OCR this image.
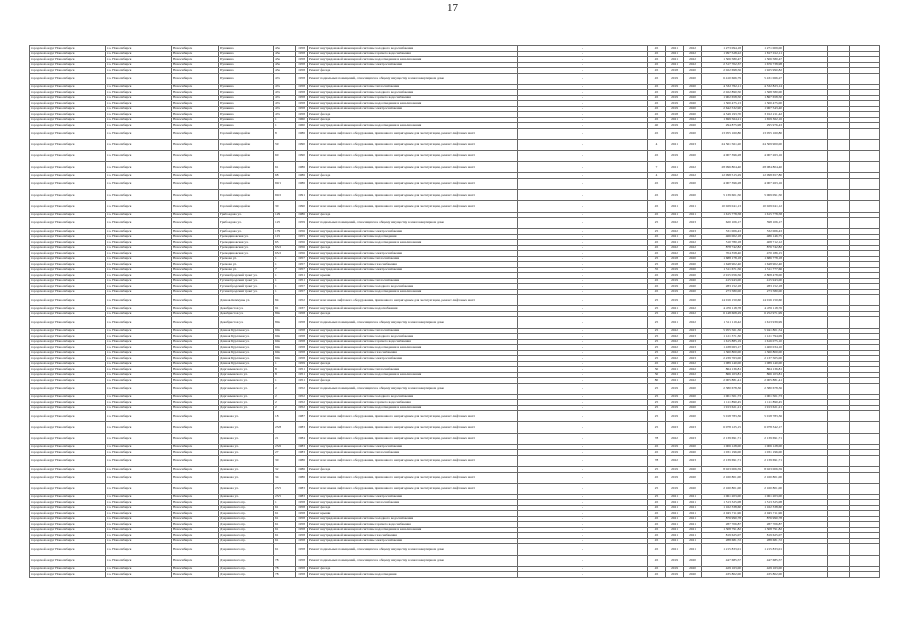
17
городской округ Новосибирск	г.о. Новосибирск	Новосибирск	Пушкина	43а	1958	Ремонт внутридомовой инженерной системы холодного водоснабжения	-	45	2021	2022	1 273 094,18	1 271 009,00			
городской округ Новосибирск	г.о. Новосибирск	Новосибирск	Пушкина	43а	1958	Ремонт внутридомовой инженерной системы горячего водоснабжения	-	45	2021	2022	1 997 528,22	1 817 012,11			
городской округ Новосибирск	г.о. Новосибирск	Новосибирск	Пушкина	43а	1958	Ремонт внутридомовой инженерной системы водоотведения и канализования	-	45	2021	2022	1 506 580,47	1 506 580,47			
городской округ Новосибирск	г.о. Новосибирск	Новосибирск	Пушкина	43а	1958	Ремонт внутридомовой инженерной системы электроснабжения	-	45	2021	2022	2 517 702,37	1 676 738,98			
городской округ Новосибирск	г.о. Новосибирск	Новосибирск	Пушкина	43а	1958	Ремонт фасада	-	45	2018	2020	2 022 698,56	1 925 990,82			
городской округ Новосибирск	г.о. Новосибирск	Новосибирск	Пушкина	47а	1958	Ремонт подвальных помещений, относящихся к общему имуществу в многоквартирном доме	-	45	2019	2020	6 410 666,79	5 431 066,27			
городской округ Новосибирск	г.о. Новосибирск	Новосибирск	Пушкина	47а	1958	Ремонт внутридомовой инженерной системы теплоснабжения	-	45	2019	2020	4 532 762,11	4 532 823,14			
городской округ Новосибирск	г.о. Новосибирск	Новосибирск	Пушкина	47а	1958	Ремонт внутридомовой инженерной системы холодного водоснабжения	-	45	2019	2020	2 022 890,50	1 568 580,00			
городской округ Новосибирск	г.о. Новосибирск	Новосибирск	Пушкина	47а	1958	Ремонт внутридомовой инженерной системы горячего водоснабжения	-	45	2019	2020	1 902 658,50	1 867 658,50			
городской округ Новосибирск	г.о. Новосибирск	Новосибирск	Пушкина	47а	1958	Ремонт внутридомовой инженерной системы водоотведения и канализования	-	45	2019	2020	1 500 475,13	1 500 475,00			
городской округ Новосибирск	г.о. Новосибирск	Новосибирск	Пушкина	47а	1958	Ремонт внутридомовой инженерной системы электроснабжения	-	45	2019	2020	2 642 532,90	1 967 543,40			
городской округ Новосибирск	г.о. Новосибирск	Новосибирск	Пушкина	47а	1958	Ремонт фасада	-	45	2018	2020	4 549 193,70	3 912 211,42			
городской округ Новосибирск	г.о. Новосибирск	Новосибирск	Пушкина	1	1960	Ремонт фасада	-	45	2021	2022	1 699 564,21	1 659 362,16			
городской округ Новосибирск	г.о. Новосибирск	Новосибирск	Пушкина	1	1960	Ремонт внутридомовой инженерной системы водоотведения и канализования	-	40	2019	2020	294 875,98	295 976,43			
городской округ Новосибирск	г.о. Новосибирск	Новосибирск	Горский микрорайон	8	1986	Ремонт или замена лифтового оборудования, признанного непригодным для эксплуатации, ремонт лифтовых шахт	-	45	2019	2020	13 055 160,80	13 055 160,80			
городской округ Новосибирск	г.о. Новосибирск	Новосибирск	Горский микрорайон	59	1990	Ремонт или замена лифтового оборудования, признанного непригодным для эксплуатации, ремонт лифтовых шахт	-	4	2021	2023	24 561 561,20	24 509 900,00			
городской округ Новосибирск	г.о. Новосибирск	Новосибирск	Горский микрорайон	60	1990	Ремонт или замена лифтового оборудования, признанного непригодным для эксплуатации, ремонт лифтовых шахт	-	45	2019	2020	4 007 396,28	4 007 263,16			
городской округ Новосибирск	г.о. Новосибирск	Новосибирск	Горский микрорайон	61	1986	Ремонт или замена лифтового оборудования, признанного непригодным для эксплуатации, ремонт лифтовых шахт	-	7	2021	2022	28 096 804,40	28 084 804,40			
городской округ Новосибирск	г.о. Новосибирск	Новосибирск	Горский микрорайон	68	1986	Ремонт фасада	-	4	2022	2022	12 098 515,29	12 098 657,80			
городской округ Новосибирск	г.о. Новосибирск	Новосибирск	Горский микрорайон	69/1	1986	Ремонт или замена лифтового оборудования, признанного непригодным для эксплуатации, ремонт лифтовых шахт	-	45	2019	2020	4 007 396,28	4 007 263,16			
городской округ Новосибирск	г.о. Новосибирск	Новосибирск	Горский микрорайон	69/2	1991	Ремонт или замена лифтового оборудования, признанного непригодным для эксплуатации, ремонт лифтовых шахт	-	45	2019	2020	5 139 601,50	5 069 091,50			
городской округ Новосибирск	г.о. Новосибирск	Новосибирск	Горский микрорайон	30	1990	Ремонт или замена лифтового оборудования, признанного непригодным для эксплуатации, ремонт лифтовых шахт	-	45	2021	2021	10 029 041,13	10 029 041,12			
городской округ Новосибирск	г.о. Новосибирск	Новосибирск	Грибоедова ул.	129	1986	Ремонт фасада	-	45	2021	2021	1 615 778,58	1 615 778,58			
городской округ Новосибирск	г.о. Новосибирск	Новосибирск	Грибоедова ул.	125	1959	Ремонт подвальных помещений, относящихся к общему имуществу в многоквартирном доме	-	25	2022	2023	620 106,17	598 106,17			
городской округ Новосибирск	г.о. Новосибирск	Новосибирск	Грибоедова ул.	179	1956	Ремонт внутридомовой инженерной системы электроснабжения	-	25	2022	2023	531 006,43	532 006,43			
городской округ Новосибирск	г.о. Новосибирск	Новосибирск	Громадиновская ул.	115	1955	Ремонт внутридомовой инженерной системы водоотведения	-	45	2021	2022	466 002,18	486 146,75			
городской округ Новосибирск	г.о. Новосибирск	Новосибирск	Громадиновская ул.	65	1956	Ремонт внутридомовой инженерной системы водоотведения и канализования	-	45	2021	2022	510 780,18	408 712,12			
городской округ Новосибирск	г.о. Новосибирск	Новосибирск	Громадиновская ул.	65/2	1956	Ремонт фасада	-	45	2022	2022	878 742,82	876 742,82			
городской округ Новосибирск	г.о. Новосибирск	Новосибирск	Громадиновская ул.	65/2	1956	Ремонт внутридомовой инженерной системы электроснабжения	-	45	2022	2022	704 358,40	470 186,15			
городской округ Новосибирск	г.о. Новосибирск	Новосибирск	Громова ул.	1	1957	Ремонт внутридомовой инженерной системы теплоснабжения	-	25	2018	2020	1 688 178,18	1 686 778,18			
городской округ Новосибирск	г.о. Новосибирск	Новосибирск	Громова ул.	1	1957	Ремонт внутридомовой инженерной системы газоснабжения	-	25	2018	2020	1 648 902,40	1 648 902,40			
городской округ Новосибирск	г.о. Новосибирск	Новосибирск	Громова ул.	7	1957	Ремонт внутридомовой инженерной системы электроснабжения	-	35	2019	2020	1 511 671,56	1 511 777,66			
городской округ Новосибирск	г.о. Новосибирск	Новосибирск	Гусинобродский тракт ул.	1	1951	Ремонт крыши	-	45	2019	2020	2 915 056,56	2 808 478,00			
городской округ Новосибирск	г.о. Новосибирск	Новосибирск	Гусинобродский тракт ул.	1	1951	Ремонт внутридомовой инженерной системы теплоснабжения	-	45	2019	2020	415 943,00	415 943,00			
городской округ Новосибирск	г.о. Новосибирск	Новосибирск	Гусинобродский тракт ул.	1	1957	Ремонт внутридомовой инженерной системы холодного водоснабжения	-	45	2019	2020	283 152,18	283 152,18			
городской округ Новосибирск	г.о. Новосибирск	Новосибирск	Гусинобродский тракт ул.	1	1957	Ремонт внутридомовой инженерной системы водоотведения и канализования	-	45	2019	2020	273 580,00	273 580,00			
городской округ Новосибирск	г.о. Новосибирск	Новосибирск	Дачная-Коммуны ул.	84	1952	Ремонт или замена лифтового оборудования, признанного непригодным для эксплуатации, ремонт лифтовых шахт	-	25	2019	2020	14 016 150,60	14 016 150,60			
городской округ Новосибирск	г.о. Новосибирск	Новосибирск	Декабристов ул.	91	1937	Ремонт внутридомовой инженерной системы водоснабжения	-	25	2021	2022	4 476 118,78	4 476 118,76			
городской округ Новосибирск	г.о. Новосибирск	Новосибирск	Декабристов ул.	80а	1958	Ремонт фасада	-	25	2021	2022	6 148 608,29	6 252 971,99			
городской округ Новосибирск	г.о. Новосибирск	Новосибирск	Декабристов ул.	80а	1958	Ремонт подвальных помещений, относящихся к общему имуществу в многоквартирном доме	-	25	2021	2022	1 511 119,42	1 613 939,99			
городской округ Новосибирск	г.о. Новосибирск	Новосибирск	Дачная Бурлачки ул.	60а	1958	Ремонт внутридомовой инженерной системы теплоснабжения	-	25	2022	2023	5 955 561,36	5 941 801,54			
городской округ Новосибирск	г.о. Новосибирск	Новосибирск	Дачная Бурлачки ул.	60а	1958	Ремонт внутридомовой инженерной системы холодного водоснабжения	-	25	2022	2023	1 121 371,30	1 121 794,09			
городской округ Новосибирск	г.о. Новосибирск	Новосибирск	Дачная Бурлачки ул.	60а	1958	Ремонт внутридомовой инженерной системы горячего водоснабжения	-	25	2022	2023	1 615 885,19	1 616 075,10			
городской округ Новосибирск	г.о. Новосибирск	Новосибирск	Дачная Бурлачки ул.	60а	1958	Ремонт внутридомовой инженерной системы водоотведения и канализования	-	25	2022	2023	1 438 063,17	1 400 034,10			
городской округ Новосибирск	г.о. Новосибирск	Новосибирск	Дачная Бурлачки ул.	60а	1958	Ремонт внутридомовой инженерной системы газоснабжения	-	25	2022	2023	1 360 800,00	1 360 800,00			
городской округ Новосибирск	г.о. Новосибирск	Новосибирск	Дачная Бурлачки ул.	60а	1958	Ремонт внутридомовой инженерной системы электроснабжения	-	25	2022	2023	2 239 763,00	2 137 505,00			
городской округ Новосибирск	г.о. Новосибирск	Новосибирск	Дачная Бурлачки ул.	1	1959	Ремонт фасада	-	45	2021	2022	1 089 140,00	1 089 140,00			
городской округ Новосибирск	г.о. Новосибирск	Новосибирск	Даргомыжского ул.	8	1951	Ремонт внутридомовой инженерной системы теплоснабжения	-	50	2021	2022	864 136,81	864 136,81			
городской округ Новосибирск	г.о. Новосибирск	Новосибирск	Даргомыжского ул.	8	1951	Ремонт внутридомовой инженерной системы водоотведения и канализования	-	50	2021	2022	866 103,81	866 103,81			
городской округ Новосибирск	г.о. Новосибирск	Новосибирск	Даргомыжского ул.	1	1951	Ремонт фасада	-	80	2021	2022	2 005 881,41	2 005 881,41			
городской округ Новосибирск	г.о. Новосибирск	Новосибирск	Даргомыжского ул.	2	1952	Ремонт подвальных помещений, относящихся к общему имуществу в многоквартирном доме	-	25	2019	2020	2 380 678,36	2 380 678,36			
городской округ Новосибирск	г.о. Новосибирск	Новосибирск	Даргомыжского ул.	2	1952	Ремонт внутридомовой инженерной системы холодного водоснабжения	-	25	2019	2020	1 001 501,73	1 001 501,73			
городской округ Новосибирск	г.о. Новосибирск	Новосибирск	Даргомыжского ул.	2	1952	Ремонт внутридомовой инженерной системы горячего водоснабжения	-	25	2019	2020	1 111 890,45	1 111 890,45			
городской округ Новосибирск	г.о. Новосибирск	Новосибирск	Даргомыжского ул.	2	1952	Ремонт внутридомовой инженерной системы водоотведения и канализования	-	25	2019	2020	1 913 621,21	1 913 621,21			
городской округ Новосибирск	г.о. Новосибирск	Новосибирск	Демакова ул.	18	1987	Ремонт или замена лифтового оборудования, признанного непригодным для эксплуатации, ремонт лифтовых шахт	-	25	2019	2020	5 018 783,36	5 018 783,36			
городской округ Новосибирск	г.о. Новосибирск	Новосибирск	Демакова ул.	23/8	1983	Ремонт или замена лифтового оборудования, признанного непригодным для эксплуатации, ремонт лифтовых шахт	-	25	2023	2023	6 078 125,15	6 078 342,17			
городской округ Новосибирск	г.о. Новосибирск	Новосибирск	Демакова ул.	21	1984	Ремонт или замена лифтового оборудования, признанного непригодным для эксплуатации, ремонт лифтовых шахт	-	78	2022	2023	2 139 691,71	2 139 691,71			
городской округ Новосибирск	г.о. Новосибирск	Новосибирск	Демакова ул.	23/6	1983	Ремонт внутридомовой инженерной системы электроснабжения	-	45	2019	2020	1 006 128,00	1 006 128,00			
городской округ Новосибирск	г.о. Новосибирск	Новосибирск	Демакова ул.	27	1983	Ремонт внутридомовой инженерной системы теплоснабжения	-	45	2019	2020	1 031 196,00	1 031 196,00			
городской округ Новосибирск	г.о. Новосибирск	Новосибирск	Демакова ул.	30	1986	Ремонт или замена лифтового оборудования, признанного непригодным для эксплуатации, ремонт лифтовых шахт	-	78	2022	2023	2 139 691,71	2 139 691,71			
городской округ Новосибирск	г.о. Новосибирск	Новосибирск	Демакова ул.	32	1986	Ремонт фасада	-	25	2019	2020	8 023 006,59	8 023 006,59			
городской округ Новосибирск	г.о. Новосибирск	Новосибирск	Демакова ул.	34	1986	Ремонт или замена лифтового оборудования, признанного непригодным для эксплуатации, ремонт лифтовых шахт	-	45	2019	2020	2 160 801,00	2 160 801,00			
городской округ Новосибирск	г.о. Новосибирск	Новосибирск	Демакова ул.	23/5	1983	Ремонт или замена лифтового оборудования, признанного непригодным для эксплуатации, ремонт лифтовых шахт	-	25	2019	2020	2 160 801,00	2 160 801,00			
городской округ Новосибирск	г.о. Новосибирск	Новосибирск	Демакова ул.	23/5	1983	Ремонт внутридомовой инженерной системы электроснабжения	-	25	2021	2021	1 061 203,00	1 061 203,00			
городской округ Новосибирск	г.о. Новосибирск	Новосибирск	Дзержинского пр.	1	1958	Ремонт внутридомовой инженерной системы теплоснабжения	-	45	2021	2021	1 513 325,08	1 513 325,08			
городской округ Новосибирск	г.о. Новосибирск	Новосибирск	Дзержинского пр.	61	1958	Ремонт фасада	-	45	2021	2021	1 162 338,60	1 162 338,60			
городской округ Новосибирск	г.о. Новосибирск	Новосибирск	Дзержинского пр.	61	1958	Ремонт крыши	-	45	2021	2021	2 045 711,96	2 045 711,96			
городской округ Новосибирск	г.о. Новосибирск	Новосибирск	Дзержинского пр.	61	1958	Ремонт внутридомовой инженерной системы холодного водоснабжения	-	45	2021	2021	876 990,78	876 990,78			
городской округ Новосибирск	г.о. Новосибирск	Новосибирск	Дзержинского пр.	61	1958	Ремонт внутридомовой инженерной системы горячего водоснабжения	-	45	2021	2021	287 706,87	287 706,87			
городской округ Новосибирск	г.о. Новосибирск	Новосибирск	Дзержинского пр.	61	1958	Ремонт внутридомовой инженерной системы водоотведения и канализования	-	45	2021	2021	1 308 791,82	1 308 791,82			
городской округ Новосибирск	г.о. Новосибирск	Новосибирск	Дзержинского пр.	61	1958	Ремонт внутридомовой инженерной системы газоснабжения	-	45	2021	2021	819 625,07	819 625,07			
городской округ Новосибирск	г.о. Новосибирск	Новосибирск	Дзержинского пр.	61	1958	Ремонт внутридомовой инженерной системы электроснабжения	-	45	2021	2021	288 681,72	288 681,72			
городской округ Новосибирск	г.о. Новосибирск	Новосибирск	Дзержинского пр.	61	1958	Ремонт подвальных помещений, относящихся к общему имуществу в многоквартирном доме	-	45	2021	2021	1 215 833,01	1 215 833,01			
городской округ Новосибирск	г.о. Новосибирск	Новосибирск	Дзержинского пр.	78	1958	Ремонт подвальных помещений, относящихся к общему имуществу в многоквартирном доме	-	45	2019	2020	447 685,57	447 685,57			
городской округ Новосибирск	г.о. Новосибирск	Новосибирск	Дзержинского пр.	78	1958	Ремонт фасада	-	45	2019	2020	429 163,00	429 163,00			
городской округ Новосибирск	г.о. Новосибирск	Новосибирск	Дзержинского пр.	78	1958	Ремонт внутридомовой инженерной системы водоотведения	-	45	2019	2020	435 802,00	435 802,00			
